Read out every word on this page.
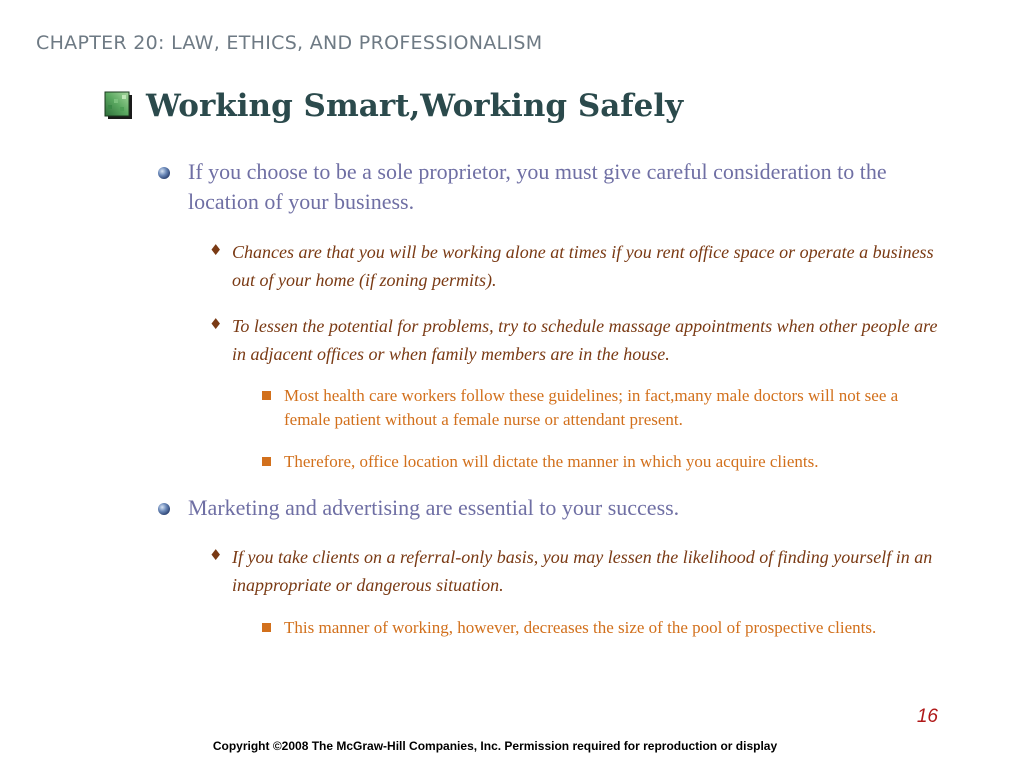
CHAPTER 20: LAW, ETHICS, AND PROFESSIONALISM
Working Smart,Working Safely
If you choose to be a sole proprietor, you must give careful consideration to the location of your business.
♦ Chances are that you will be working alone at times if you rent office space or operate a business out of your home (if zoning permits).
♦ To lessen the potential for problems, try to schedule massage appointments when other people are in adjacent offices or when family members are in the house.
Most health care workers follow these guidelines; in fact,many male doctors will not see a female patient without a female nurse or attendant present.
Therefore, office location will dictate the manner in which you acquire clients.
Marketing and advertising are essential to your success.
♦ If you take clients on a referral-only basis, you may lessen the likelihood of finding yourself in an inappropriate or dangerous situation.
This manner of working, however, decreases the size of the pool of prospective clients.
16
Copyright ©2008 The McGraw-Hill Companies, Inc. Permission required for reproduction or display
